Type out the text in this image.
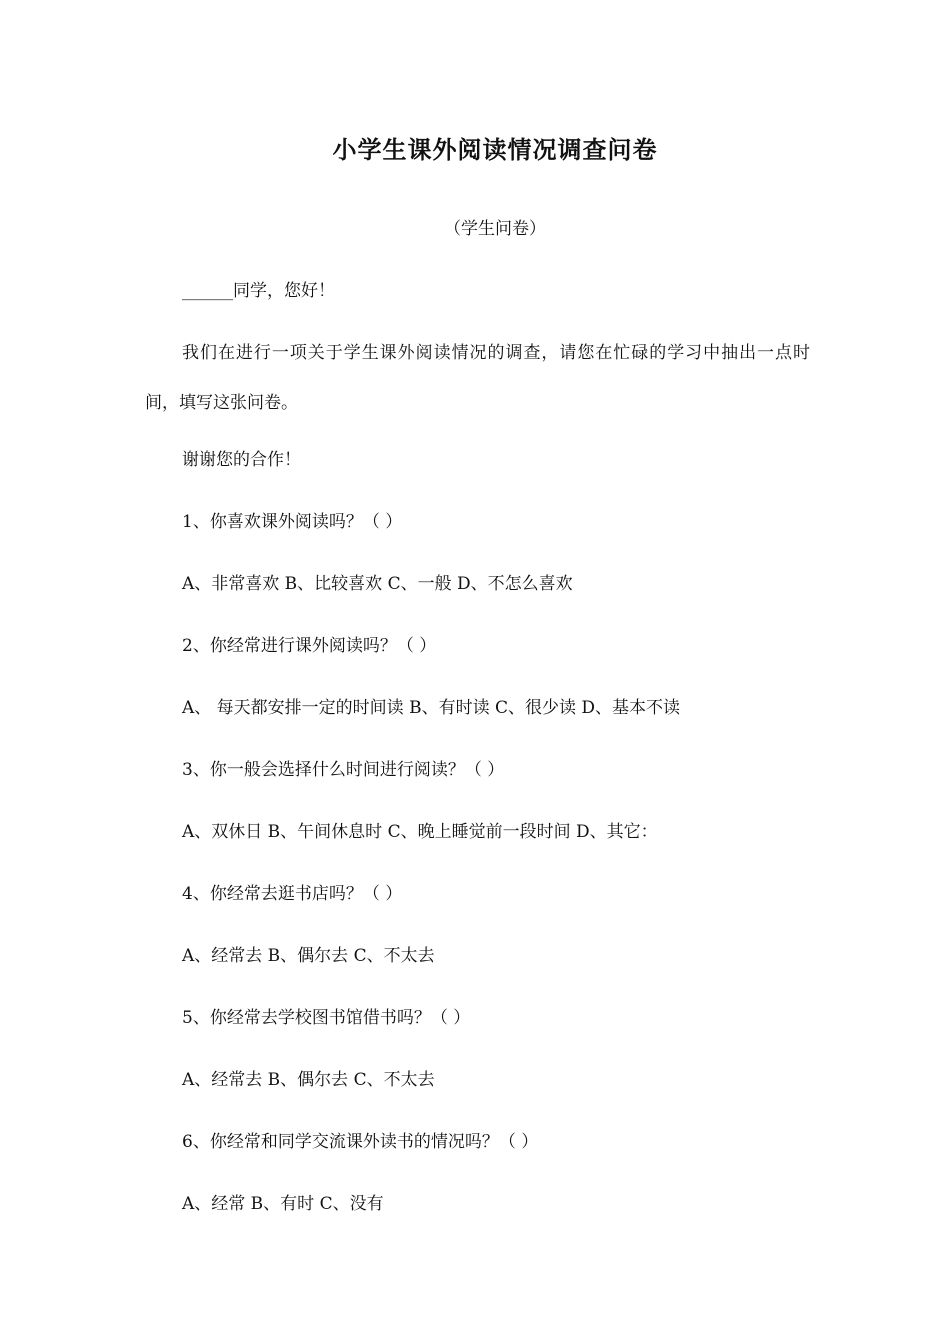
小学生课外阅读情况调查问卷
（学生问卷）
______同学，您好！
我们在进行一项关于学生课外阅读情况的调查，请您在忙碌的学习中抽出一点时间，填写这张问卷。
谢谢您的合作！
1、你喜欢课外阅读吗？（ ）
A、非常喜欢 B、比较喜欢 C、一般 D、不怎么喜欢
2、你经常进行课外阅读吗？（ ）
A、 每天都安排一定的时间读 B、有时读 C、很少读 D、基本不读
3、你一般会选择什么时间进行阅读？（ ）
A、双休日 B、午间休息时 C、晚上睡觉前一段时间 D、其它：
4、你经常去逛书店吗？（ ）
A、经常去 B、偶尔去 C、不太去
5、你经常去学校图书馆借书吗？（ ）
A、经常去 B、偶尔去 C、不太去
6、你经常和同学交流课外读书的情况吗？（ ）
A、经常 B、有时 C、没有
